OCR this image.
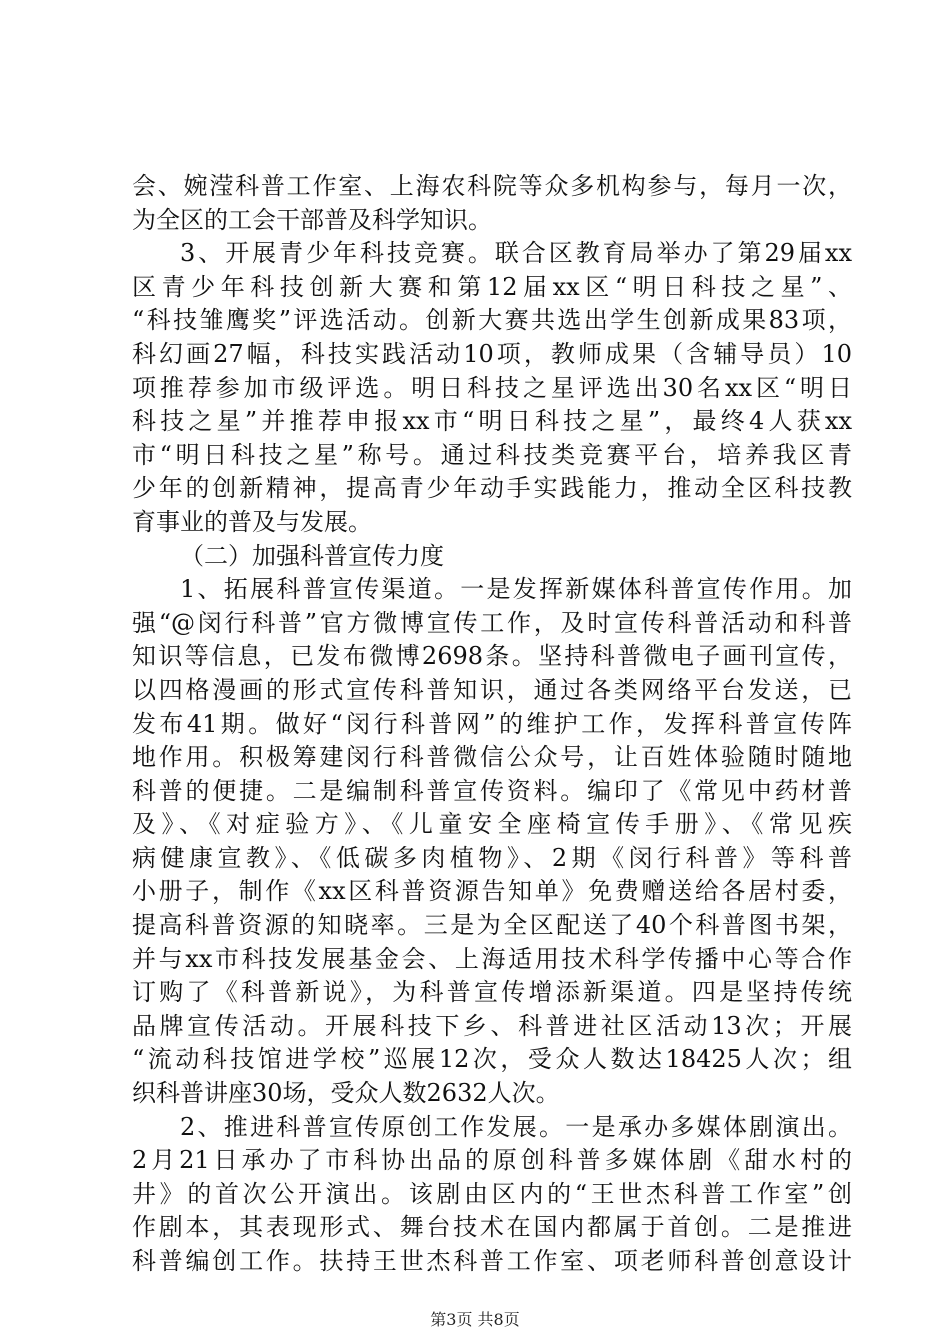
会、婉滢科普工作室、上海农科院等众多机构参与，每月一次，
为全区的工会干部普及科学知识。
3、开展青少年科技竞赛。联合区教育局举办了第29届xx
区青少年科技创新大赛和第12届xx区“明日科技之星”、
“科技雏鹰奖”评选活动。创新大赛共选出学生创新成果83项，
科幻画27幅，科技实践活动10项，教师成果（含辅导员）10
项推荐参加市级评选。明日科技之星评选出30名xx区“明日
科技之星”并推荐申报xx市“明日科技之星”，最终4人获xx
市“明日科技之星”称号。通过科技类竞赛平台，培养我区青
少年的创新精神，提高青少年动手实践能力，推动全区科技教
育事业的普及与发展。
（二）加强科普宣传力度
1、拓展科普宣传渠道。一是发挥新媒体科普宣传作用。加
强“@闵行科普”官方微博宣传工作，及时宣传科普活动和科普
知识等信息，已发布微博2698条。坚持科普微电子画刊宣传，
以四格漫画的形式宣传科普知识，通过各类网络平台发送，已
发布41期。做好“闵行科普网”的维护工作，发挥科普宣传阵
地作用。积极筹建闵行科普微信公众号，让百姓体验随时随地
科普的便捷。二是编制科普宣传资料。编印了《常见中药材普
及》、《对症验方》、《儿童安全座椅宣传手册》、《常见疾
病健康宣教》、《低碳多肉植物》、2期《闵行科普》等科普
小册子，制作《xx区科普资源告知单》免费赠送给各居村委，
提高科普资源的知晓率。三是为全区配送了40个科普图书架，
并与xx市科技发展基金会、上海适用技术科学传播中心等合作
订购了《科普新说》，为科普宣传增添新渠道。四是坚持传统
品牌宣传活动。开展科技下乡、科普进社区活动13次；开展
“流动科技馆进学校”巡展12次，受众人数达18425人次；组
织科普讲座30场，受众人数2632人次。
2、推进科普宣传原创工作发展。一是承办多媒体剧演出。
2月21日承办了市科协出品的原创科普多媒体剧《甜水村的
井》的首次公开演出。该剧由区内的“王世杰科普工作室”创
作剧本，其表现形式、舞台技术在国内都属于首创。二是推进
科普编创工作。扶持王世杰科普工作室、项老师科普创意设计
第3页 共8页
